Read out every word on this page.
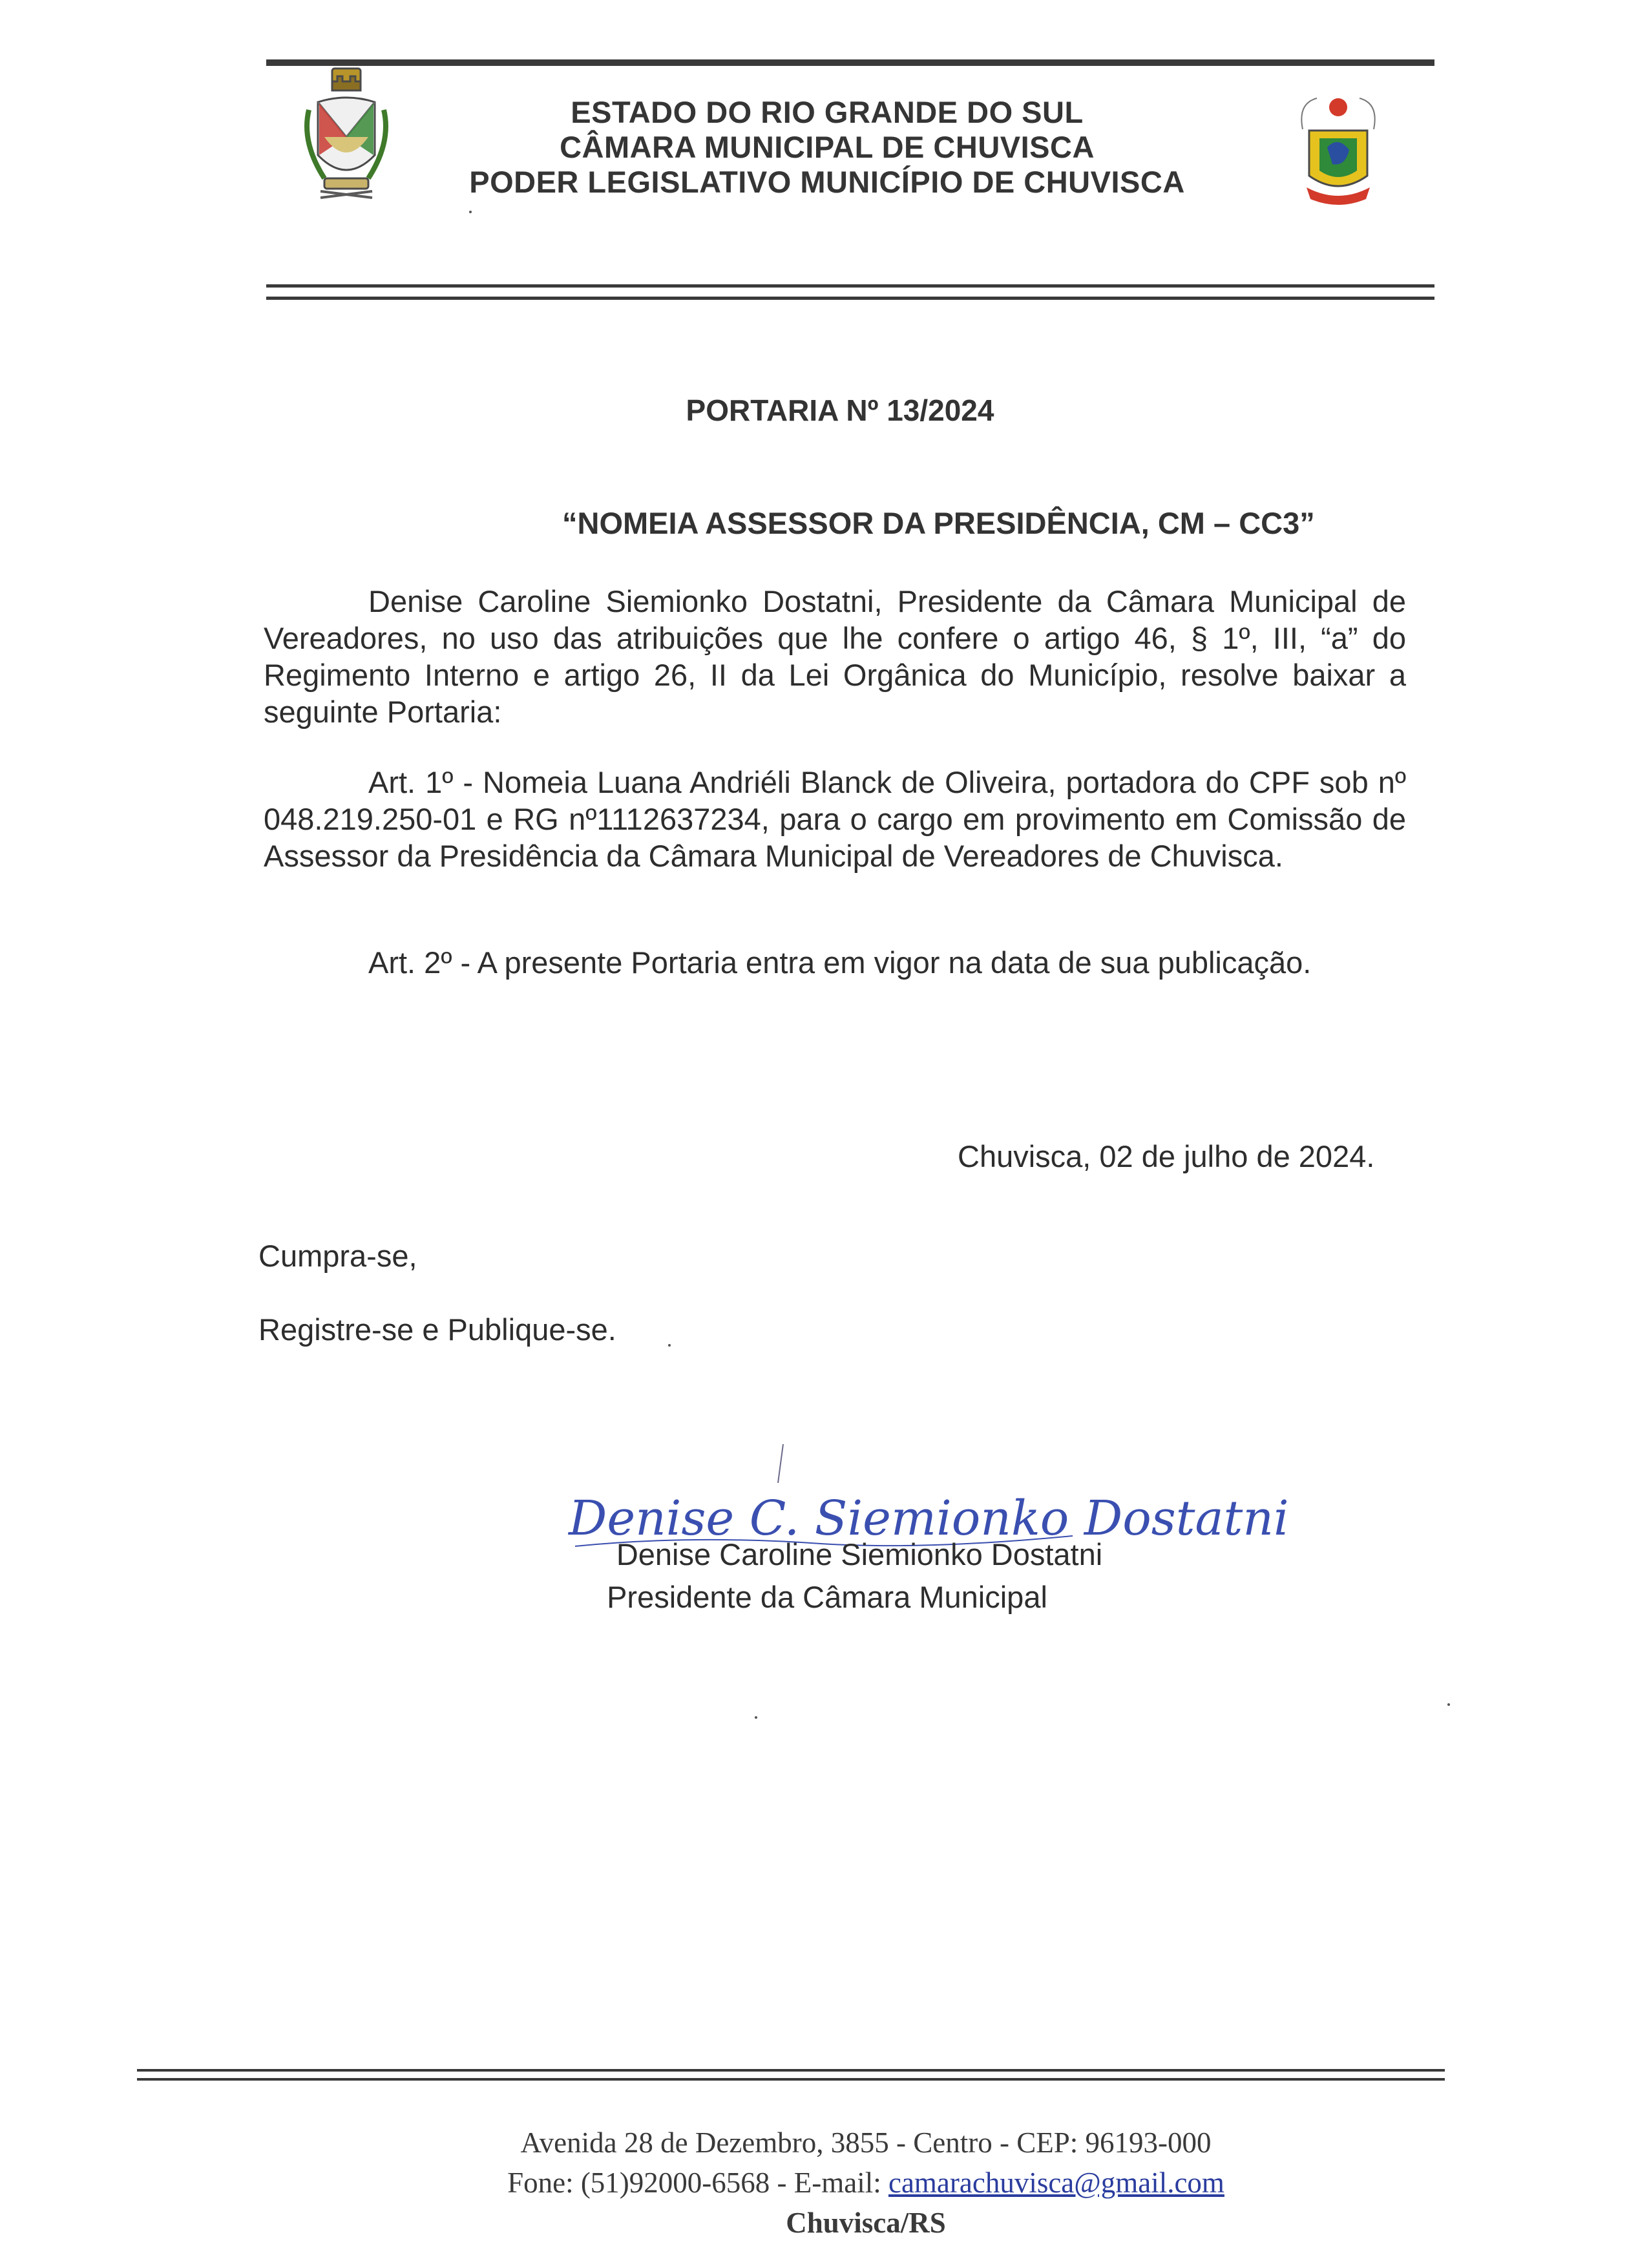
ESTADO DO RIO GRANDE DO SUL
CÂMARA MUNICIPAL DE CHUVISCA
PODER LEGISLATIVO MUNICÍPIO DE CHUVISCA
PORTARIA Nº 13/2024
“NOMEIA ASSESSOR DA PRESIDÊNCIA, CM – CC3”
Denise Caroline Siemionko Dostatni, Presidente da Câmara Municipal de Vereadores, no uso das atribuições que lhe confere o artigo 46, § 1º, III, “a” do Regimento Interno e artigo 26, II da Lei Orgânica do Município, resolve baixar a seguinte Portaria:
Art. 1º - Nomeia Luana Andriéli Blanck de Oliveira, portadora do CPF sob nº 048.219.250-01 e RG nº1112637234, para o cargo em provimento em Comissão de Assessor da Presidência da Câmara Municipal de Vereadores de Chuvisca.
Art. 2º - A presente Portaria entra em vigor na data de sua publicação.
Chuvisca, 02 de julho de 2024.
Cumpra-se,
Registre-se e Publique-se.
Denise C. Siemionko Dostatni
Denise Caroline Siemionko Dostatni
Presidente da Câmara Municipal
Avenida 28 de Dezembro, 3855 - Centro - CEP: 96193-000
Fone: (51)92000-6568 - E-mail: camarachuvisca@gmail.com
Chuvisca/RS
